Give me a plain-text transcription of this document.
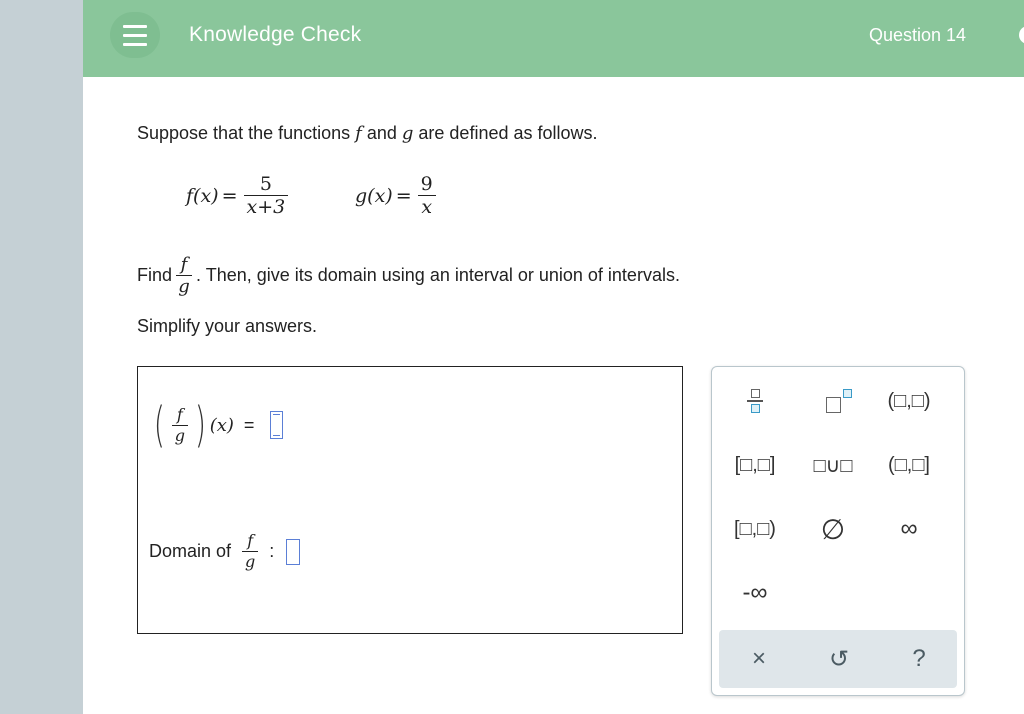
Knowledge Check	Question 14
Suppose that the functions f and g are defined as follows.
f $(x) = \frac{5}{x+3}$	g $(x) = \frac{9}{x}$
Find f
g
. Then, give its domain using an interval or union of intervals.
Simplify your answers.
( $\frac{f}{g}$ ) (x) =
Domain of $\frac{f}{g}$ :
(□,□)
[□,□]	□∪□	(□,□]
[□,□)	∅	∞
-∞
×	↺	?
